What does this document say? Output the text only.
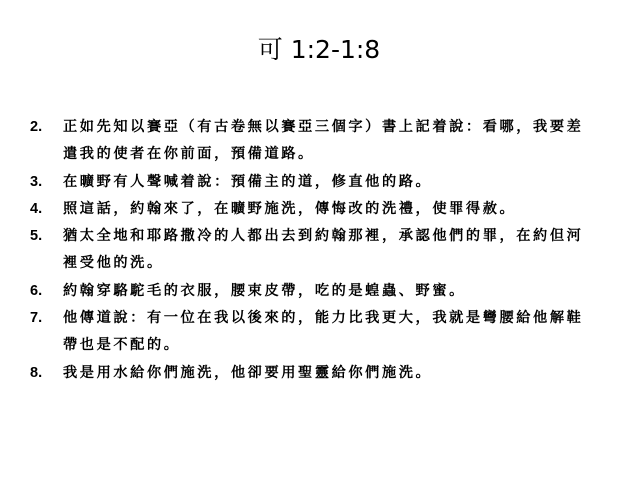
可 1:2-1:8
2. 正如先知以賽亞（有古卷無以賽亞三個字）書上記着說：看哪，我要差遣我的使者在你前面，預備道路。
3. 在曠野有人聲喊着說：預備主的道，修直他的路。
4. 照這話，約翰來了，在曠野施洗，傳悔改的洗禮，使罪得赦。
5. 猶太全地和耶路撒冷的人都出去到約翰那裡，承認他們的罪，在約但河裡受他的洗。
6. 約翰穿駱駝毛的衣服，腰束皮帶，吃的是蝗蟲、野蜜。
7. 他傳道說：有一位在我以後來的，能力比我更大，我就是彎腰給他解鞋帶也是不配的。
8. 我是用水給你們施洗，他卻要用聖靈給你們施洗。
